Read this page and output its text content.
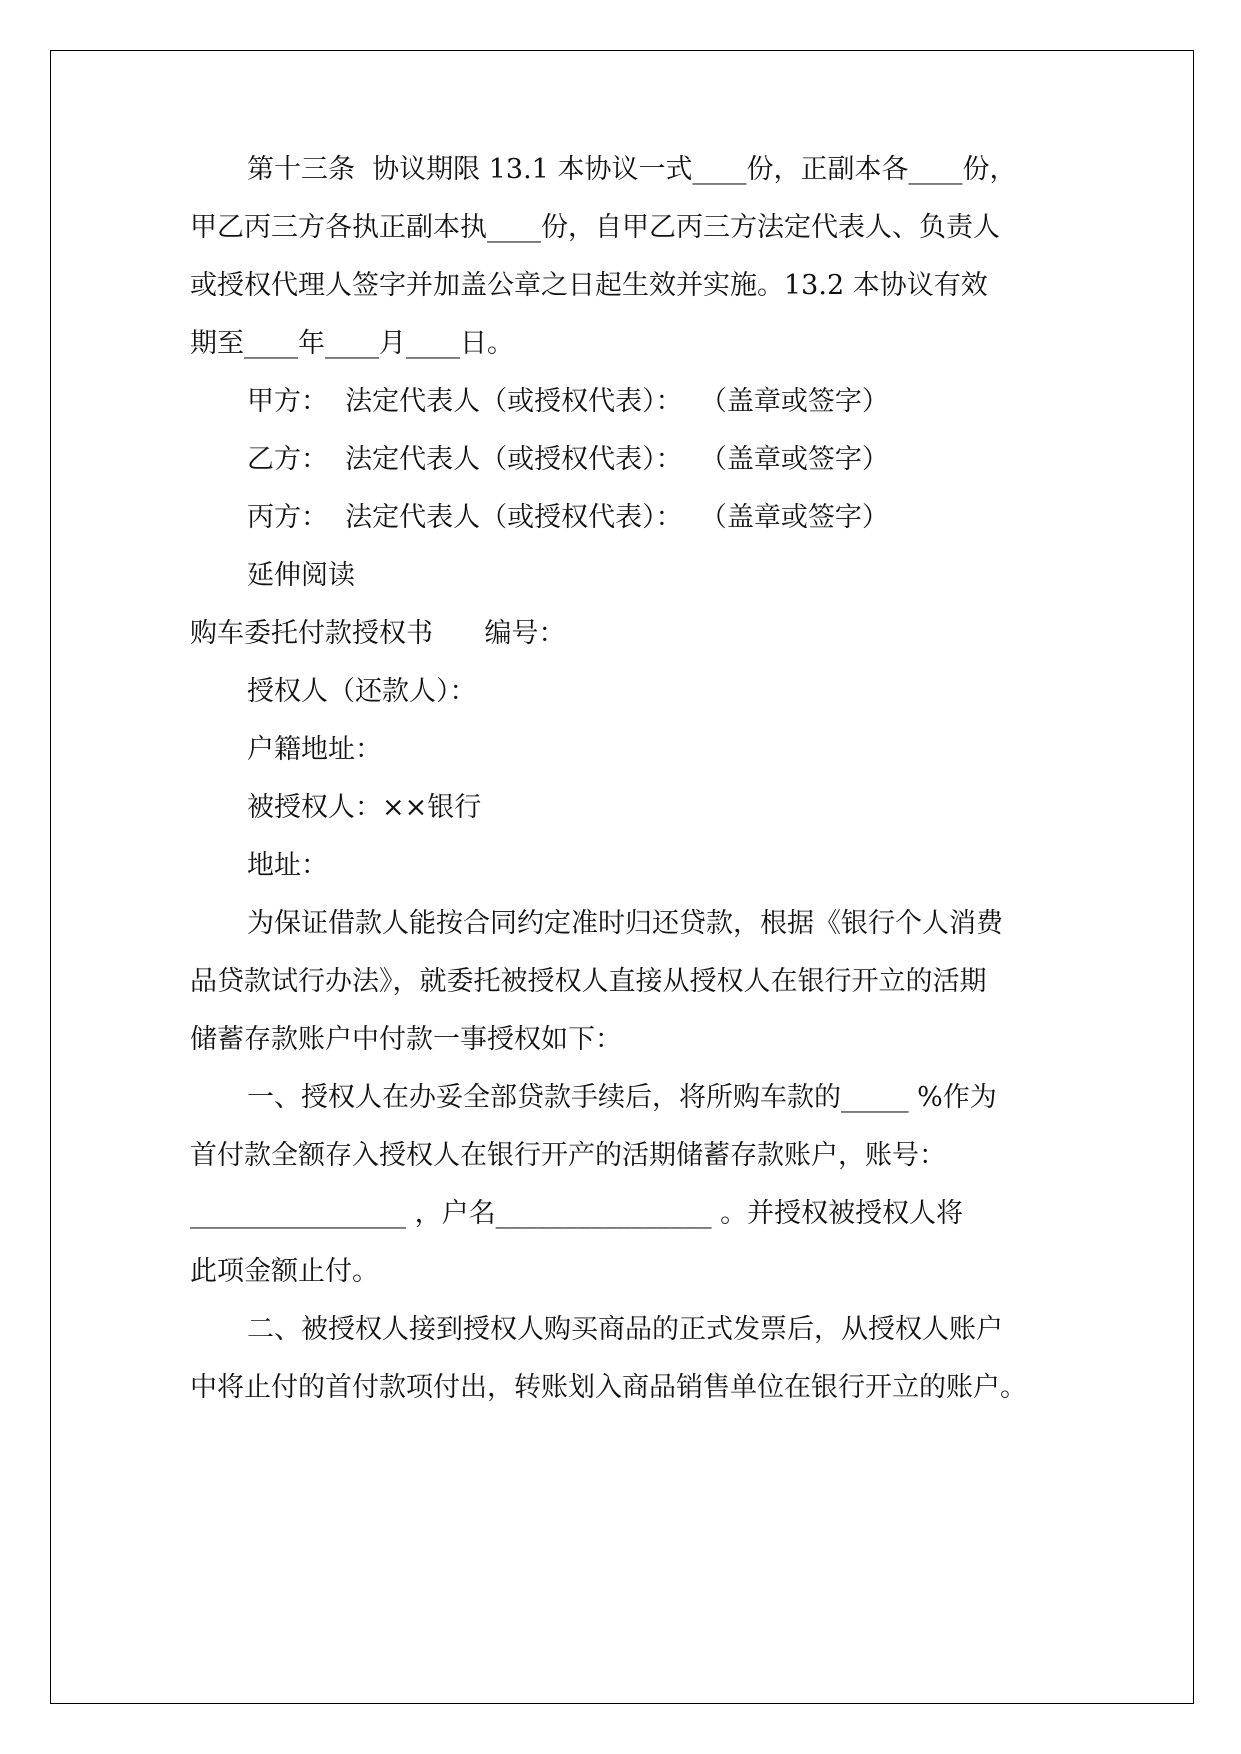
第十三条  协议期限 13.1 本协议一式____份，正副本各____份，
甲乙丙三方各执正副本执____份，自甲乙丙三方法定代表人、负责人
或授权代理人签字并加盖公章之日起生效并实施。13.2 本协议有效
期至____年____月____日。
甲方：  法定代表人（或授权代表）：  （盖章或签字）
乙方：  法定代表人（或授权代表）：  （盖章或签字）
丙方：  法定代表人（或授权代表）：  （盖章或签字）
延伸阅读
购车委托付款授权书      编号：
授权人（还款人）：
户籍地址：
被授权人：××银行
地址：
为保证借款人能按合同约定准时归还贷款，根据《银行个人消费
品贷款试行办法》，就委托被授权人直接从授权人在银行开立的活期
储蓄存款账户中付款一事授权如下：
一、授权人在办妥全部贷款手续后，将所购车款的_____ %作为
首付款全额存入授权人在银行开产的活期储蓄存款账户，账号：
________________ ，户名________________ 。并授权被授权人将
此项金额止付。
二、被授权人接到授权人购买商品的正式发票后，从授权人账户
中将止付的首付款项付出，转账划入商品销售单位在银行开立的账户。
